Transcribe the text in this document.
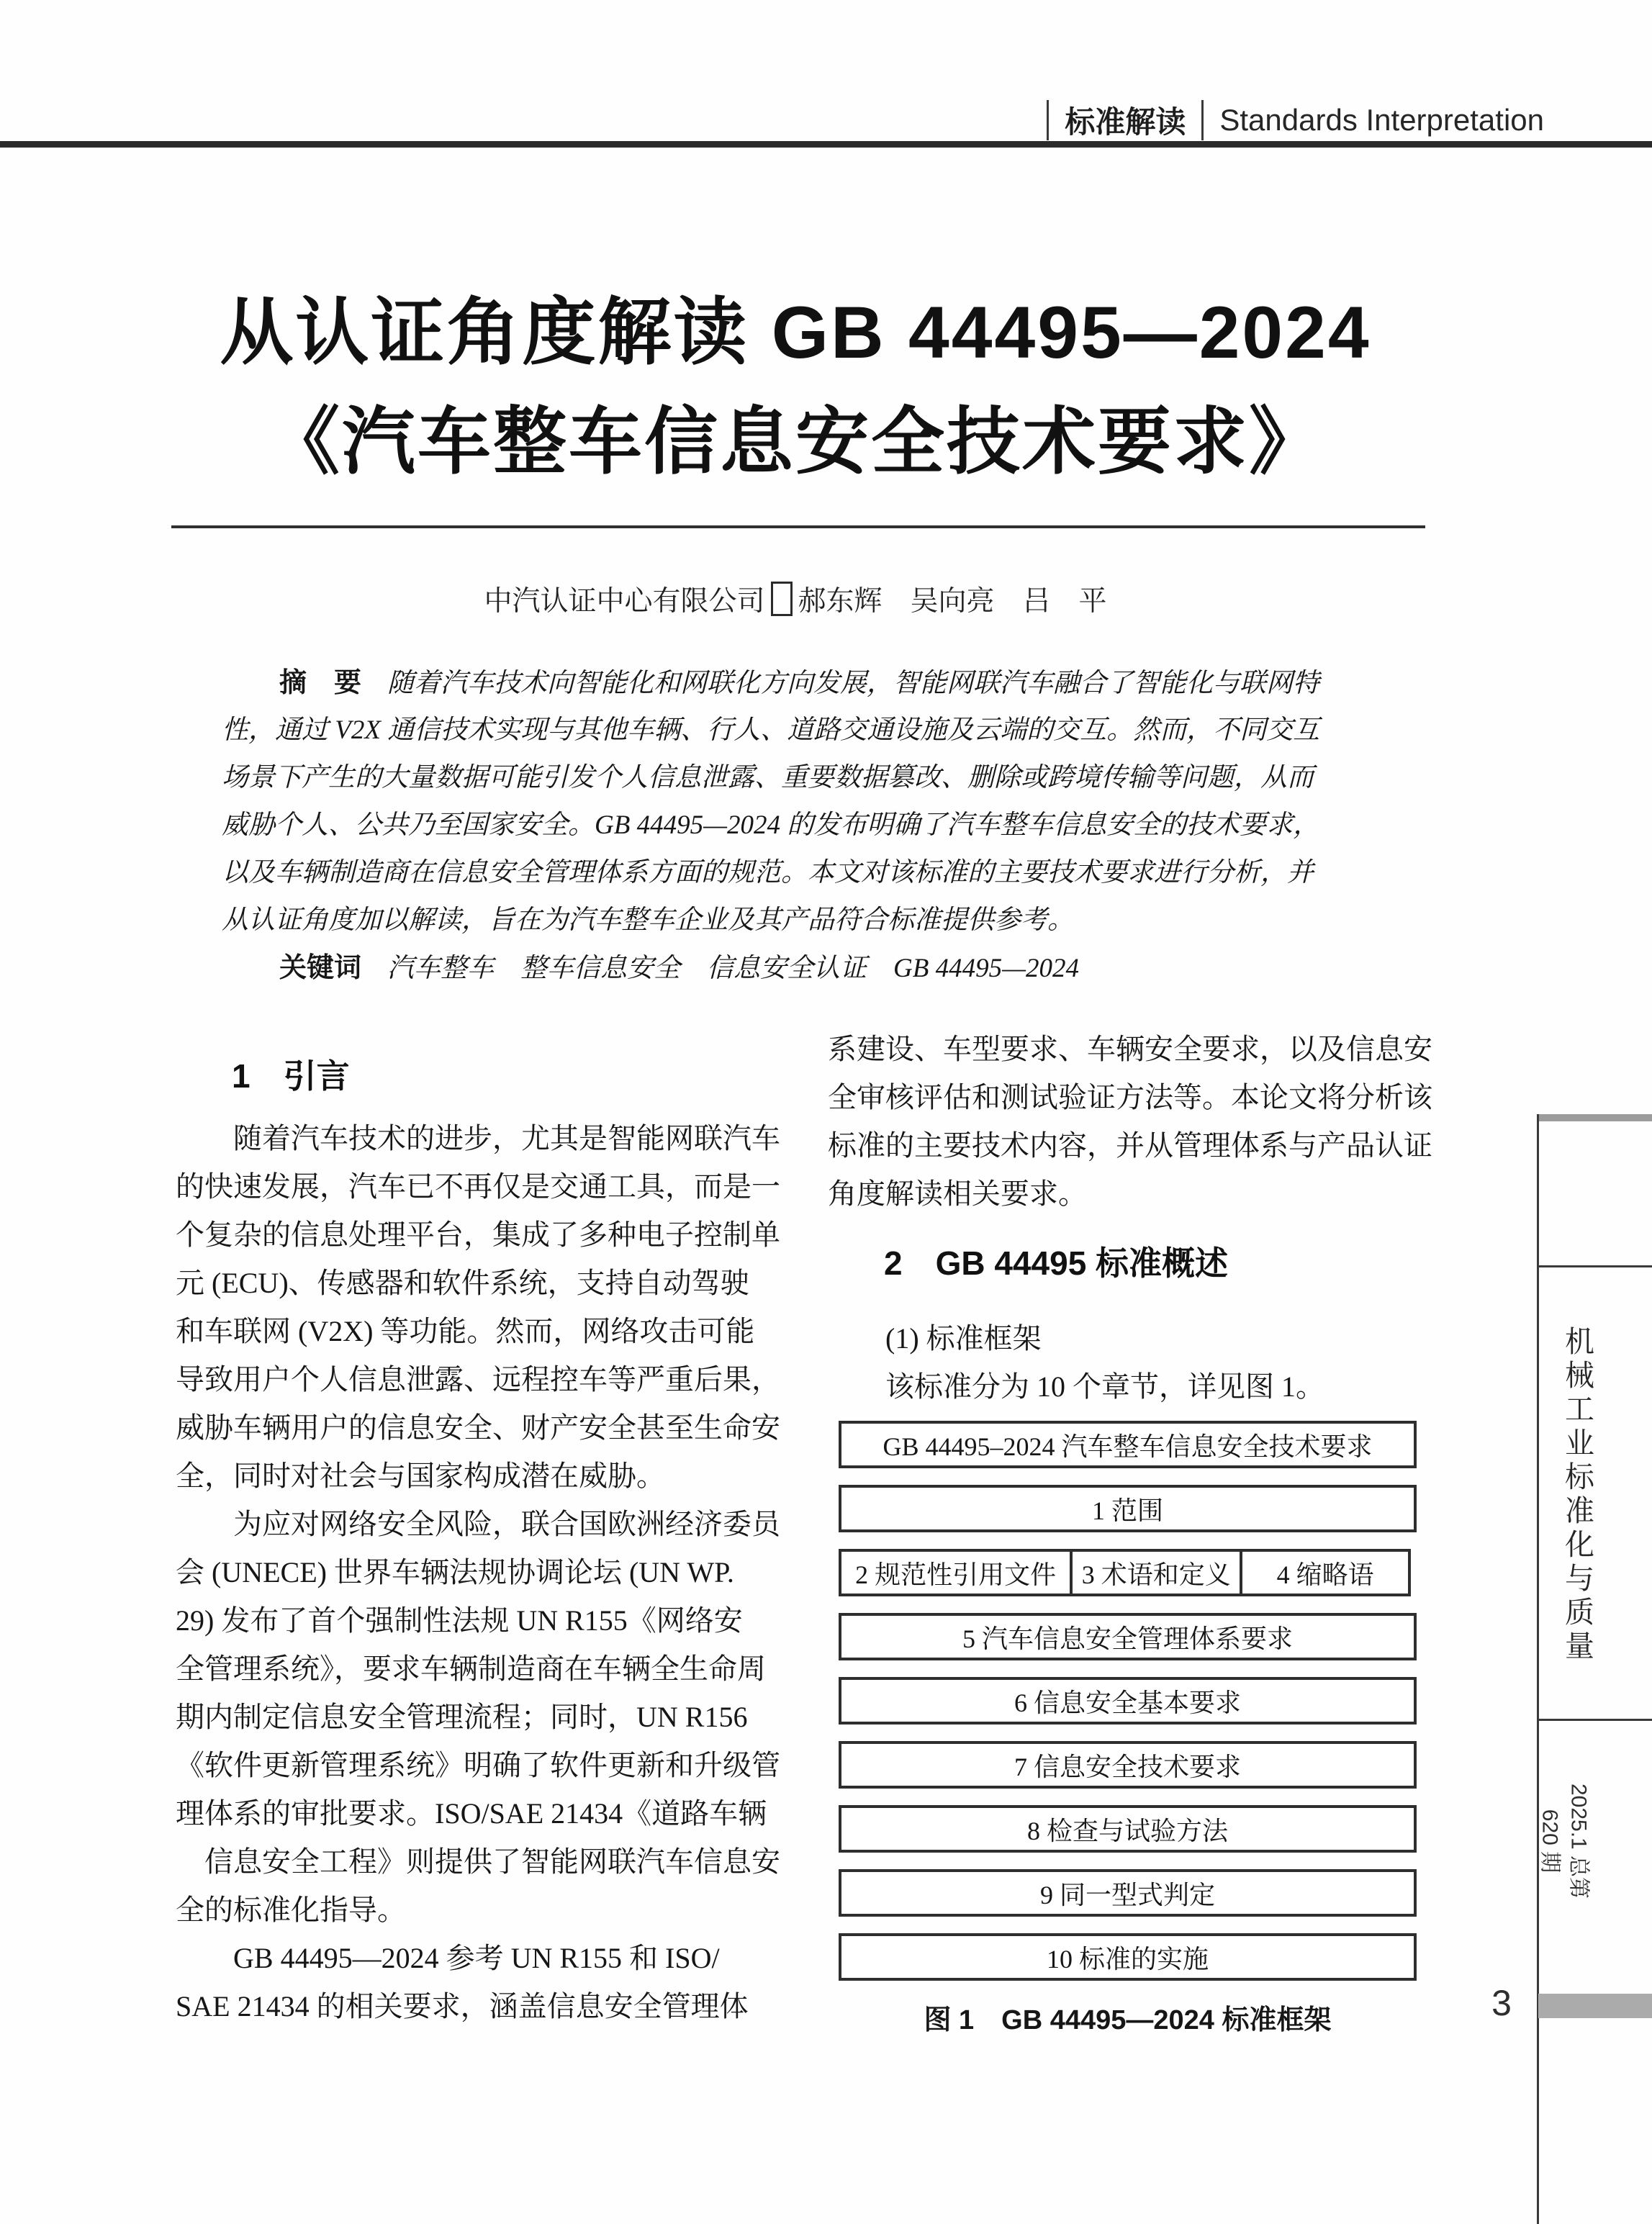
标准解读 Standards Interpretation
从认证角度解读 GB 44495—2024
《汽车整车信息安全技术要求》
中汽认证中心有限公司 郝东辉　吴向亮　吕　平
摘　要 随着汽车技术向智能化和网联化方向发展，智能网联汽车融合了智能化与联网特
性，通过 V2X 通信技术实现与其他车辆、行人、道路交通设施及云端的交互。然而，不同交互
场景下产生的大量数据可能引发个人信息泄露、重要数据篡改、删除或跨境传输等问题，从而
威胁个人、公共乃至国家安全。GB 44495—2024 的发布明确了汽车整车信息安全的技术要求，
以及车辆制造商在信息安全管理体系方面的规范。本文对该标准的主要技术要求进行分析，并
从认证角度加以解读，旨在为汽车整车企业及其产品符合标准提供参考。
关键词 汽车整车　整车信息安全　信息安全认证　GB 44495—2024
1　引言
随着汽车技术的进步，尤其是智能网联汽车
的快速发展，汽车已不再仅是交通工具，而是一
个复杂的信息处理平台，集成了多种电子控制单
元 (ECU)、传感器和软件系统，支持自动驾驶
和车联网 (V2X) 等功能。然而，网络攻击可能
导致用户个人信息泄露、远程控车等严重后果，
威胁车辆用户的信息安全、财产安全甚至生命安
全，同时对社会与国家构成潜在威胁。
为应对网络安全风险，联合国欧洲经济委员
会 (UNECE) 世界车辆法规协调论坛 (UN WP.
29) 发布了首个强制性法规 UN R155《网络安
全管理系统》，要求车辆制造商在车辆全生命周
期内制定信息安全管理流程；同时，UN R156
《软件更新管理系统》明确了软件更新和升级管
理体系的审批要求。ISO/SAE 21434《道路车辆
信息安全工程》则提供了智能网联汽车信息安
全的标准化指导。
GB 44495—2024 参考 UN R155 和 ISO/
SAE 21434 的相关要求，涵盖信息安全管理体
系建设、车型要求、车辆安全要求，以及信息安
全审核评估和测试验证方法等。本论文将分析该
标准的主要技术内容，并从管理体系与产品认证
角度解读相关要求。
2　GB 44495 标准概述
(1) 标准框架
该标准分为 10 个章节，详见图 1。
GB 44495–2024 汽车整车信息安全技术要求
1 范围
2 规范性引用文件 3 术语和定义	4 缩略语
5 汽车信息安全管理体系要求
6 信息安全基本要求
7 信息安全技术要求
8 检查与试验方法
9 同一型式判定
10 标准的实施
图 1　GB 44495—2024 标准框架
机械工业标准化与质量
2025.1 总第 620 期
3
